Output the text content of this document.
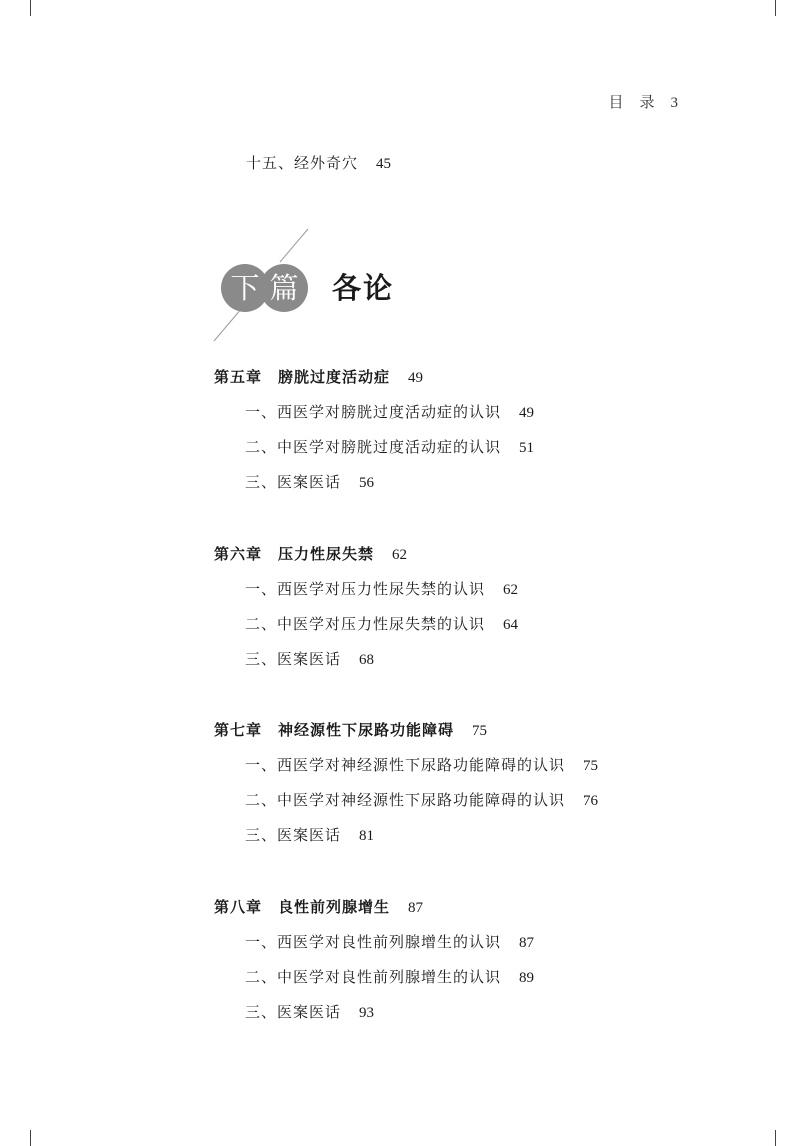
目 录 3
十五、经外奇穴 45
下 篇	各论
第五章 膀胱过度活动症 49
一、西医学对膀胱过度活动症的认识 49
二、中医学对膀胱过度活动症的认识 51
三、医案医话 56
第六章 压力性尿失禁 62
一、西医学对压力性尿失禁的认识 62
二、中医学对压力性尿失禁的认识 64
三、医案医话 68
第七章 神经源性下尿路功能障碍 75
一、西医学对神经源性下尿路功能障碍的认识 75
二、中医学对神经源性下尿路功能障碍的认识 76
三、医案医话 81
第八章 良性前列腺增生 87
一、西医学对良性前列腺增生的认识 87
二、中医学对良性前列腺增生的认识 89
三、医案医话 93
